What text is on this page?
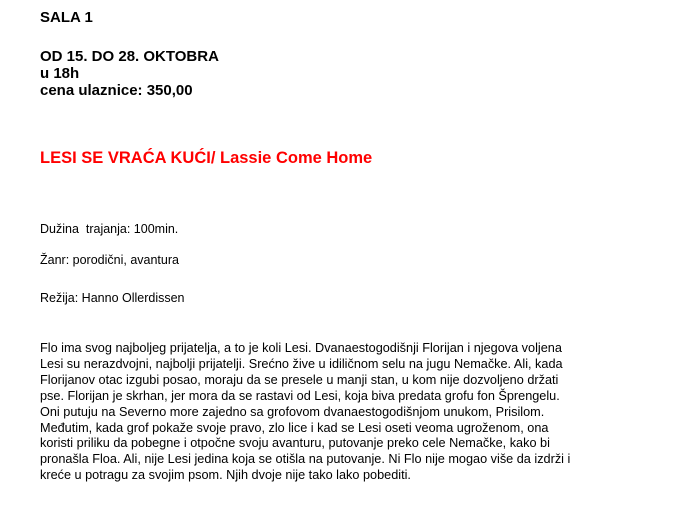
SALA 1
OD 15. DO 28. OKTOBRA
u 18h
cena ulaznice: 350,00
LESI SE VRAĆA KUĆI/ Lassie Come Home
Dužina  trajanja: 100min.
Žanr: porodični, avantura
Režija: Hanno Ollerdissen
Flo ima svog najboljeg prijatelja, a to je koli Lesi. Dvanaestogodišnji Florijan i njegova voljena
Lesi su nerazdvojni, najbolji prijatelji. Srećno žive u idiličnom selu na jugu Nemačke. Ali, kada
Florijanov otac izgubi posao, moraju da se presele u manji stan, u kom nije dozvoljeno držati
pse. Florijan je skrhan, jer mora da se rastavi od Lesi, koja biva predata grofu fon Šprengelu.
Oni putuju na Severno more zajedno sa grofovom dvanaestogodišnjom unukom, Prisilom.
Međutim, kada grof pokaže svoje pravo, zlo lice i kad se Lesi oseti veoma ugroženom, ona
koristi priliku da pobegne i otpočne svoju avanturu, putovanje preko cele Nemačke, kako bi
pronašla Floa. Ali, nije Lesi jedina koja se otišla na putovanje. Ni Flo nije mogao više da izdrži i
kreće u potragu za svojim psom. Njih dvoje nije tako lako pobediti.
